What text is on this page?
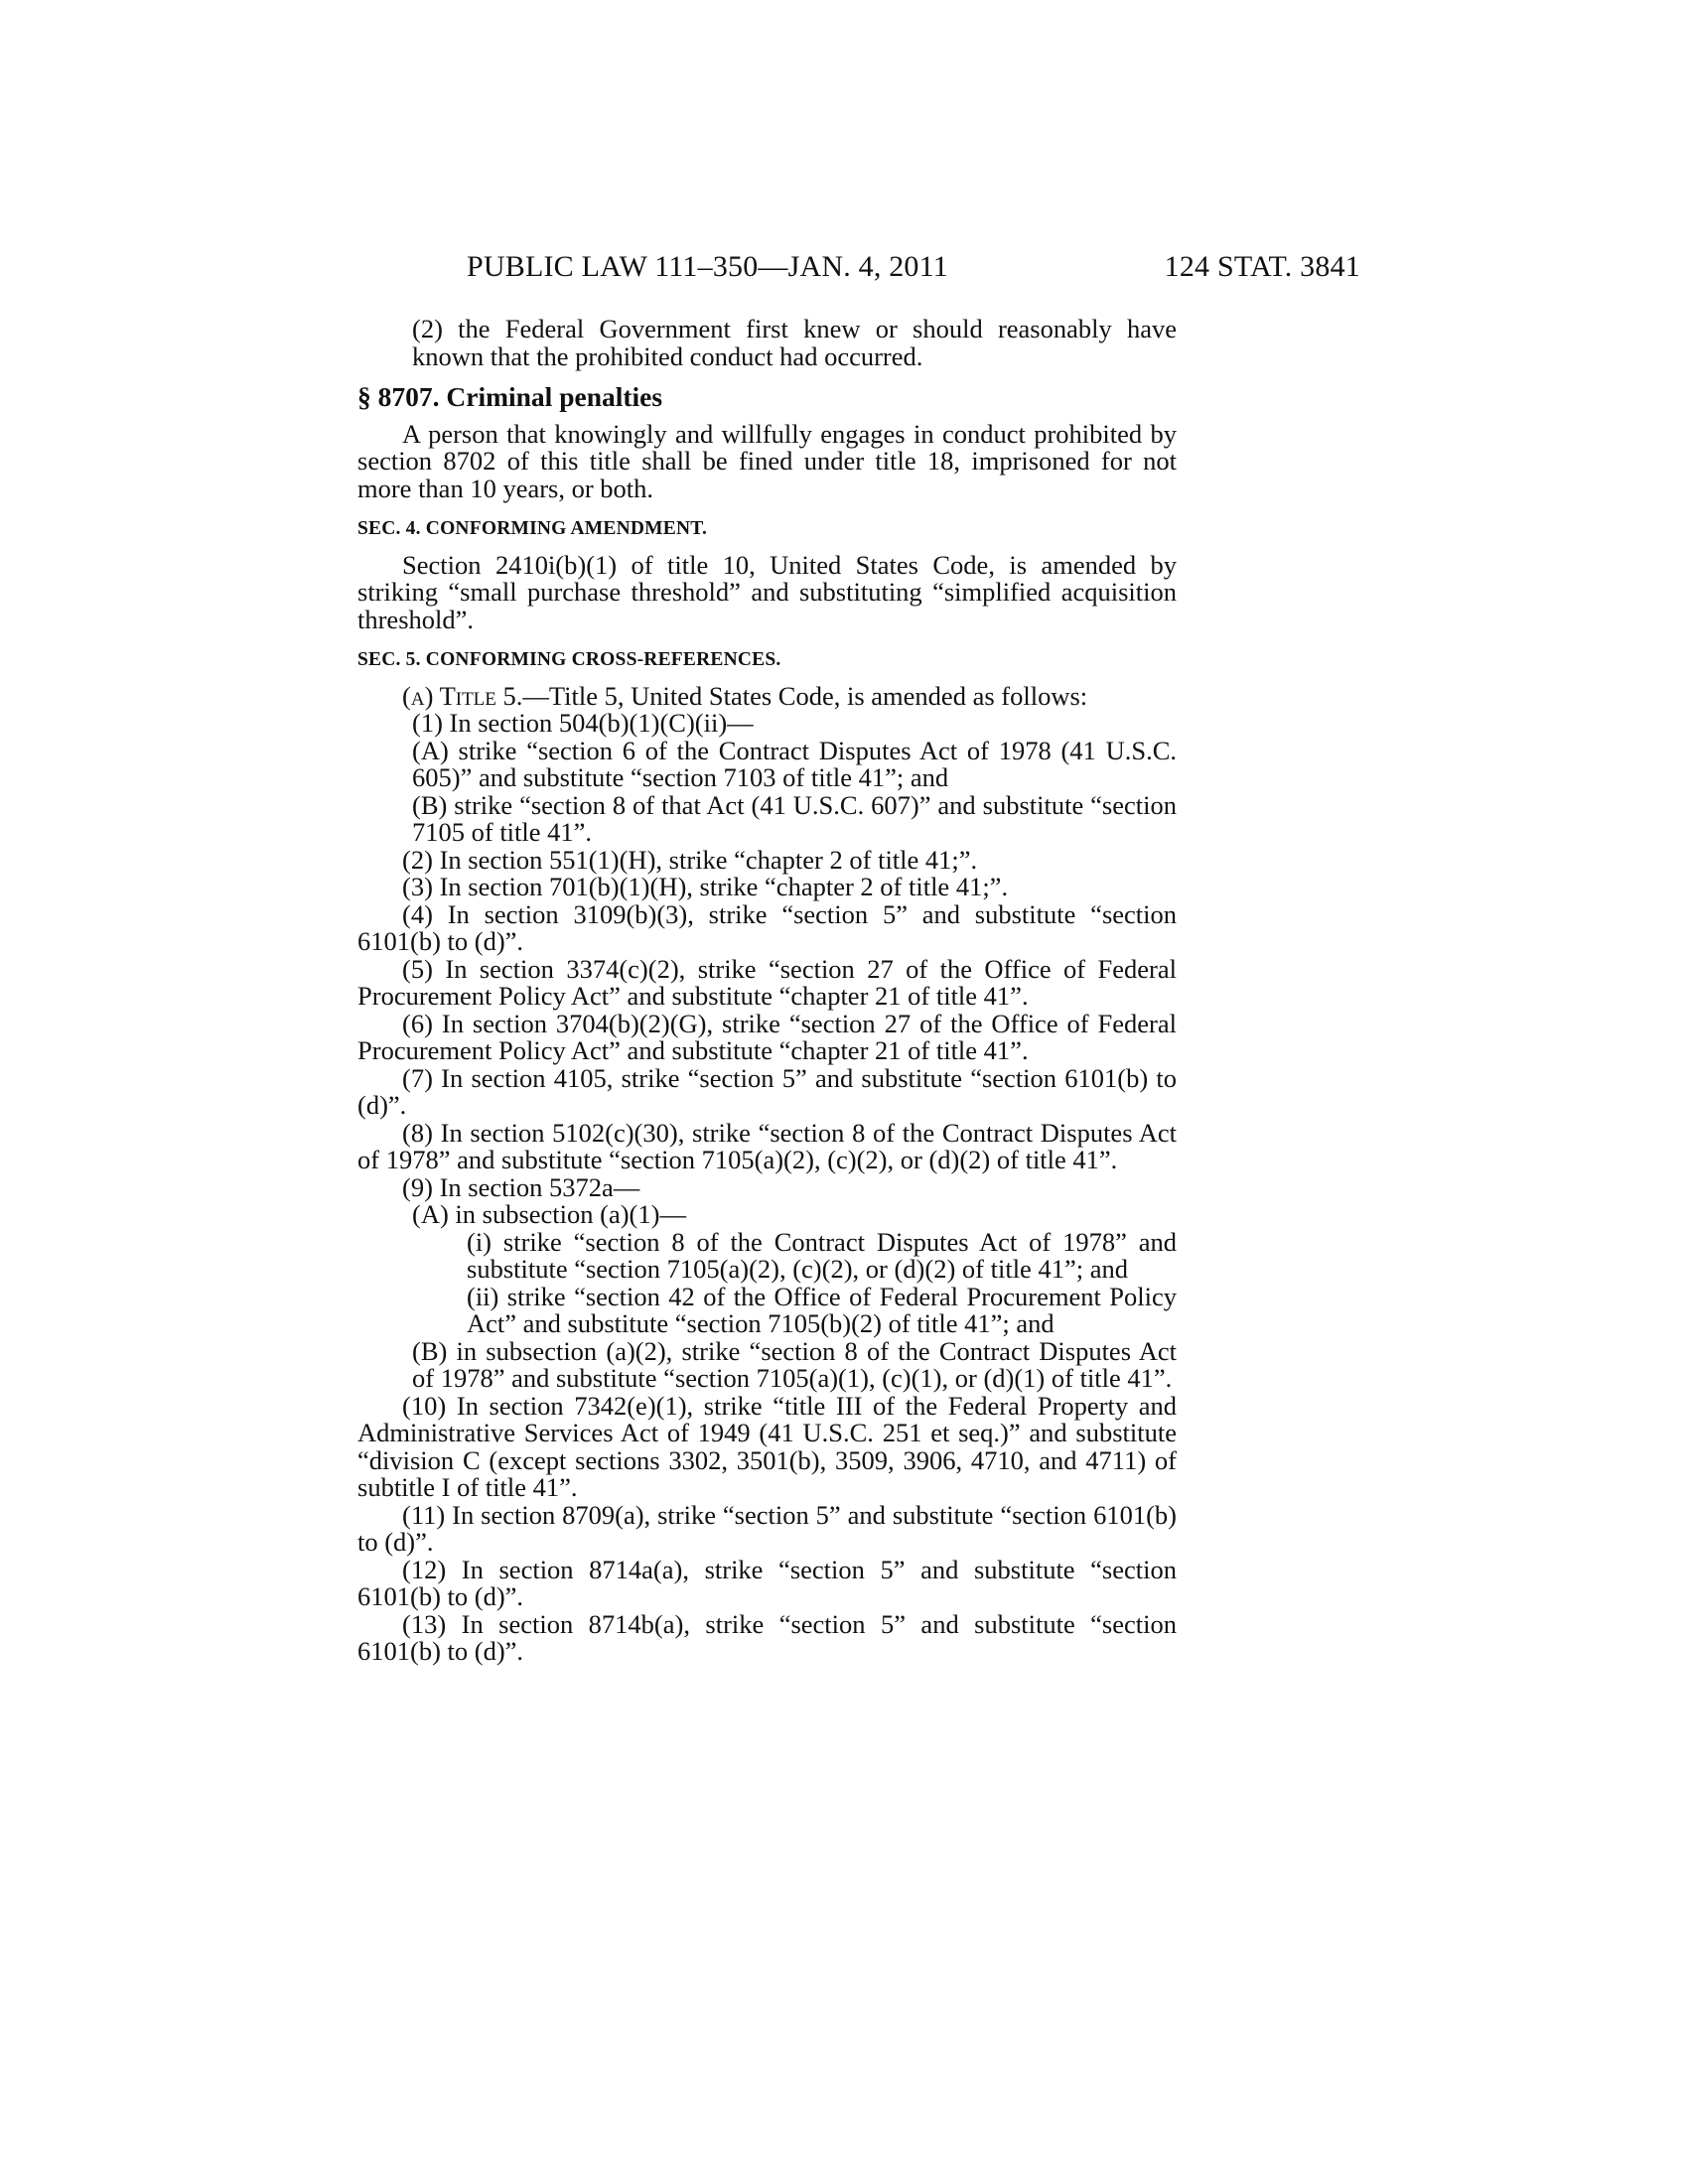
PUBLIC LAW 111–350—JAN. 4, 2011	124 STAT. 3841

(2) the Federal Government first knew or should reasonably have known that the prohibited conduct had occurred.

§ 8707. Criminal penalties

A person that knowingly and willfully engages in conduct prohibited by section 8702 of this title shall be fined under title 18, imprisoned for not more than 10 years, or both.

SEC. 4. CONFORMING AMENDMENT.

Section 2410i(b)(1) of title 10, United States Code, is amended by striking “small purchase threshold” and substituting “simplified acquisition threshold”.

SEC. 5. CONFORMING CROSS-REFERENCES.

(a) Title 5.—Title 5, United States Code, is amended as follows:

(1) In section 504(b)(1)(C)(ii)—

(A) strike “section 6 of the Contract Disputes Act of 1978 (41 U.S.C. 605)” and substitute “section 7103 of title 41”; and

(B) strike “section 8 of that Act (41 U.S.C. 607)” and substitute “section 7105 of title 41”.

(2) In section 551(1)(H), strike “chapter 2 of title 41;”.

(3) In section 701(b)(1)(H), strike “chapter 2 of title 41;”.

(4) In section 3109(b)(3), strike “section 5” and substitute “section 6101(b) to (d)”.

(5) In section 3374(c)(2), strike “section 27 of the Office of Federal Procurement Policy Act” and substitute “chapter 21 of title 41”.

(6) In section 3704(b)(2)(G), strike “section 27 of the Office of Federal Procurement Policy Act” and substitute “chapter 21 of title 41”.

(7) In section 4105, strike “section 5” and substitute “section 6101(b) to (d)”.

(8) In section 5102(c)(30), strike “section 8 of the Contract Disputes Act of 1978” and substitute “section 7105(a)(2), (c)(2), or (d)(2) of title 41”.

(9) In section 5372a—

(A) in subsection (a)(1)—

(i) strike “section 8 of the Contract Disputes Act of 1978” and substitute “section 7105(a)(2), (c)(2), or (d)(2) of title 41”; and

(ii) strike “section 42 of the Office of Federal Procurement Policy Act” and substitute “section 7105(b)(2) of title 41”; and

(B) in subsection (a)(2), strike “section 8 of the Contract Disputes Act of 1978” and substitute “section 7105(a)(1), (c)(1), or (d)(1) of title 41”.

(10) In section 7342(e)(1), strike “title III of the Federal Property and Administrative Services Act of 1949 (41 U.S.C. 251 et seq.)” and substitute “division C (except sections 3302, 3501(b), 3509, 3906, 4710, and 4711) of subtitle I of title 41”.

(11) In section 8709(a), strike “section 5” and substitute “section 6101(b) to (d)”.

(12) In section 8714a(a), strike “section 5” and substitute “section 6101(b) to (d)”.

(13) In section 8714b(a), strike “section 5” and substitute “section 6101(b) to (d)”.
